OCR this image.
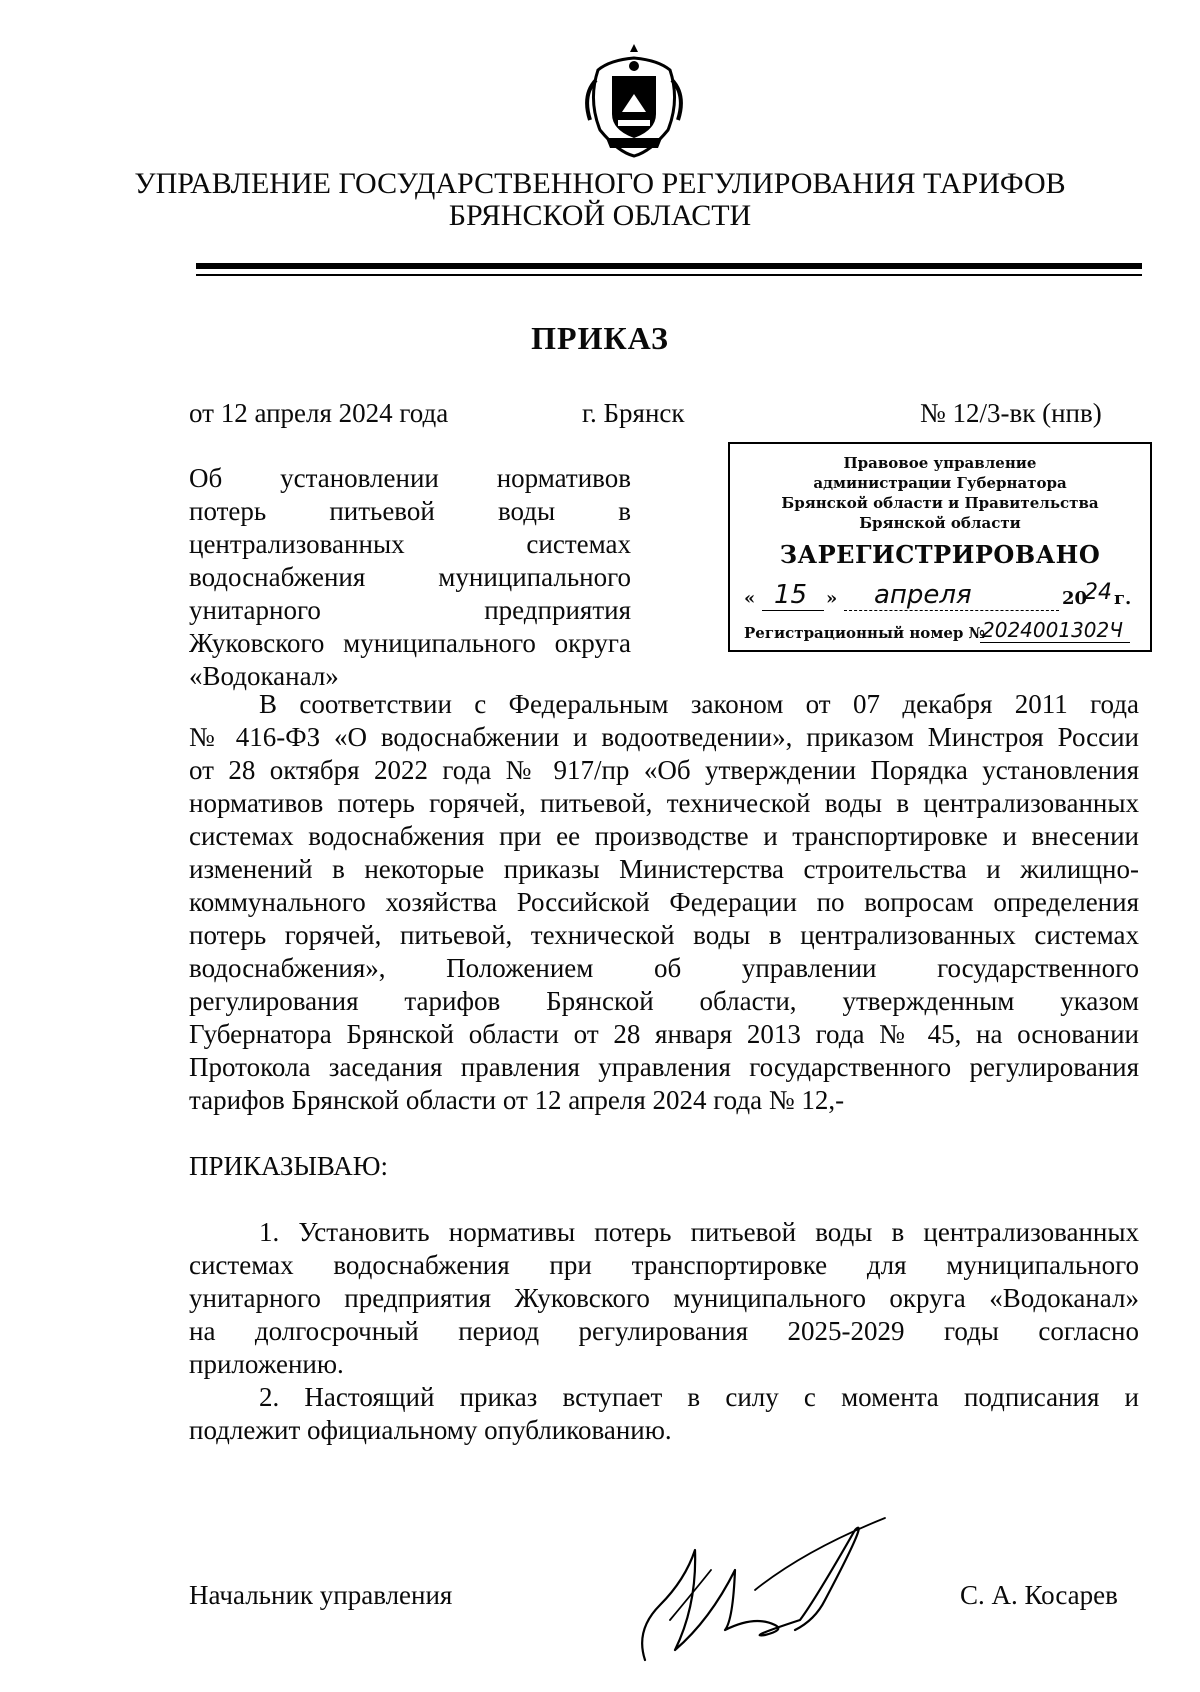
УПРАВЛЕНИЕ ГОСУДАРСТВЕННОГО РЕГУЛИРОВАНИЯ ТАРИФОВ
БРЯНСКОЙ ОБЛАСТИ
ПРИКАЗ
от 12 апреля 2024 года	г. Брянск	№ 12/3-вк (нпв)
Об установлении нормативов
потерь питьевой воды в
централизованных системах
водоснабжения муниципального
унитарного предприятия
Жуковского муниципального округа
«Водоканал»
Правовое управление
администрации Губернатора
Брянской области и Правительства
Брянской области
ЗАРЕГИСТРИРОВАНО
« 15 » апреля	20
24 г.
Регистрационный номер №
2024001302Ч
В соответствии с Федеральным законом от 07 декабря 2011 года
№ 416-ФЗ «О водоснабжении и водоотведении», приказом Минстроя России
от 28 октября 2022 года № 917/пр «Об утверждении Порядка установления
нормативов потерь горячей, питьевой, технической воды в централизованных
системах водоснабжения при ее производстве и транспортировке и внесении
изменений в некоторые приказы Министерства строительства и жилищно-
коммунального хозяйства Российской Федерации по вопросам определения
потерь горячей, питьевой, технической воды в централизованных системах
водоснабжения», Положением об управлении государственного
регулирования тарифов Брянской области, утвержденным указом
Губернатора Брянской области от 28 января 2013 года № 45, на основании
Протокола заседания правления управления государственного регулирования
тарифов Брянской области от 12 апреля 2024 года № 12,-
ПРИКАЗЫВАЮ:
1. Установить нормативы потерь питьевой воды в централизованных
системах водоснабжения при транспортировке для муниципального
унитарного предприятия Жуковского муниципального округа «Водоканал»
на долгосрочный период регулирования 2025-2029 годы согласно
приложению.
2. Настоящий приказ вступает в силу с момента подписания и
подлежит официальному опубликованию.
Начальник управления	С. А. Косарев
